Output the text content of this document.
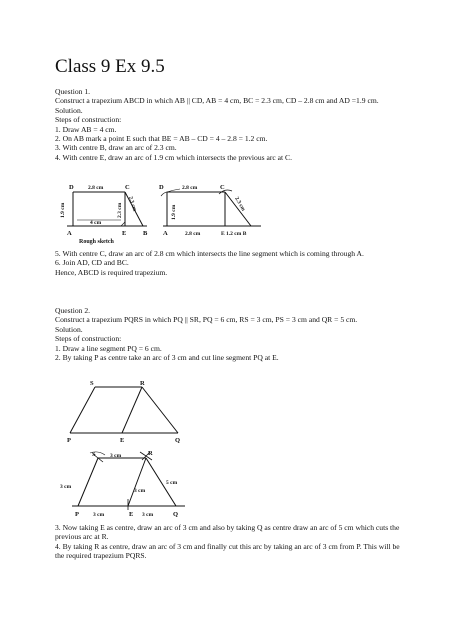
Class 9 Ex 9.5
Question 1.
Construct a trapezium ABCD in which AB || CD, AB = 4 cm, BC = 2.3 cm, CD – 2.8 cm and AD =1.9 cm.
Solution.
Steps of construction:
1. Draw AB = 4 cm.
2. On AB mark a point E such that BE = AB – CD = 4 – 2.8 = 1.2 cm.
3. With centre B, draw an arc of 2.3 cm.
4. With centre E, draw an arc of 1.9 cm which intersects the previous arc at C.
D	2.8 cm	C
1.9 cm
4 cm
2.3 cm
2.3 cm
A	E	B
Rough sketch
D	2.8 cm	C
1.9 cm
2.3 cm
A	2.8 cm	E 1.2 cm B
5. With centre C, draw an arc of 2.8 cm which intersects the line segment which is coming through A.
6. Join AD, CD and BC.
Hence, ABCD is required trapezium.
Question 2.
Construct a trapezium PQRS in which PQ || SR, PQ = 6 cm, RS = 3 cm, PS = 3 cm and QR = 5 cm.
Solution.
Steps of construction:
1. Draw a line segment PQ = 6 cm.
2. By taking P as centre take an arc of 3 cm and cut line segment PQ at E.
S	R
P	E	Q
S	R
3 cm
3 cm
5 cm
3 cm
P	3 cm	E 3 cm	Q
3. Now taking E as centre, draw an arc of 3 cm and also by taking Q as centre draw an arc of 5 cm which cuts the previous arc at R.
4. By taking R as centre, draw an arc of 3 cm and finally cut this arc by taking an arc of 3 cm from P. This will be the required trapezium PQRS.
